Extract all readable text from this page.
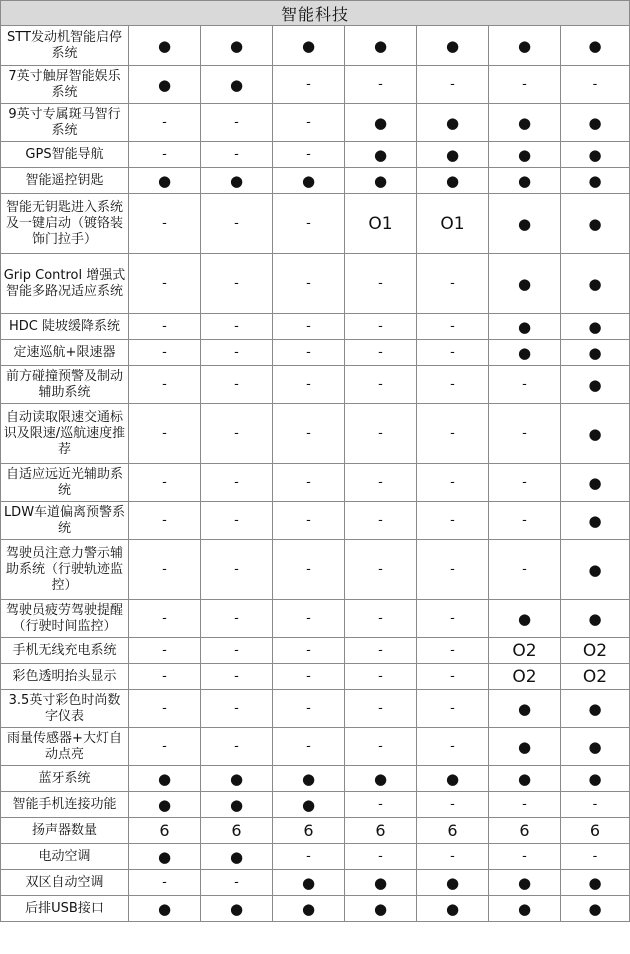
智能科技							
STT发动机智能启停系统	●	●	●	●	●	●	●
7英寸触屏智能娱乐系统	●	●	-	-	-	-	-
9英寸专属斑马智行系统	-	-	-	●	●	●	●
GPS智能导航	-	-	-	●	●	●	●
智能遥控钥匙	●	●	●	●	●	●	●
智能无钥匙进入系统及一键启动（镀铬装饰门拉手）	-	-	-	O1	O1	●	●
Grip Control 增强式智能多路况适应系统	-	-	-	-	-	●	●
HDC 陡坡缓降系统	-	-	-	-	-	●	●
定速巡航+限速器	-	-	-	-	-	●	●
前方碰撞预警及制动辅助系统	-	-	-	-	-	-	●
自动读取限速交通标识及限速/巡航速度推荐	-	-	-	-	-	-	●
自适应远近光辅助系统	-	-	-	-	-	-	●
LDW车道偏离预警系统	-	-	-	-	-	-	●
驾驶员注意力警示辅助系统（行驶轨迹监控）	-	-	-	-	-	-	●
驾驶员疲劳驾驶提醒（行驶时间监控）	-	-	-	-	-	●	●
手机无线充电系统	-	-	-	-	-	O2	O2
彩色透明抬头显示	-	-	-	-	-	O2	O2
3.5英寸彩色时尚数字仪表	-	-	-	-	-	●	●
雨量传感器+大灯自动点亮	-	-	-	-	-	●	●
蓝牙系统	●	●	●	●	●	●	●
智能手机连接功能	●	●	●	-	-	-	-
扬声器数量	6	6	6	6	6	6	6
电动空调	●	●	-	-	-	-	-
双区自动空调	-	-	●	●	●	●	●
后排USB接口	●	●	●	●	●	●	●
